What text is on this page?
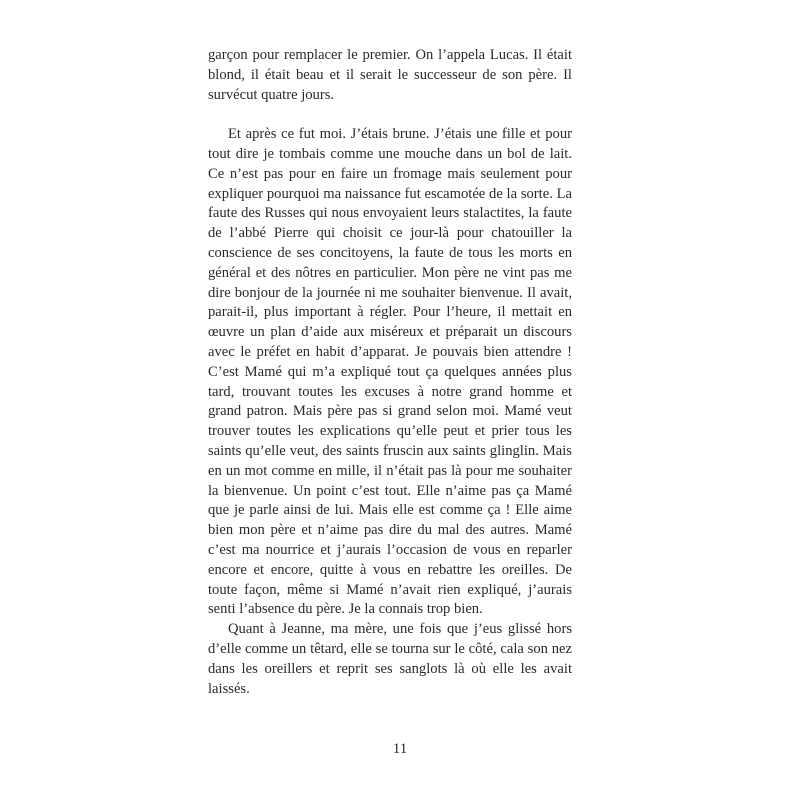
garçon pour remplacer le premier. On l’appela Lucas. Il était blond, il était beau et il serait le successeur de son père. Il survécut quatre jours.

Et après ce fut moi. J’étais brune. J’étais une fille et pour tout dire je tombais comme une mouche dans un bol de lait. Ce n’est pas pour en faire un fromage mais seulement pour expliquer pourquoi ma naissance fut escamotée de la sorte. La faute des Russes qui nous envoyaient leurs stalactites, la faute de l’abbé Pierre qui choisit ce jour-là pour chatouiller la conscience de ses concitoyens, la faute de tous les morts en général et des nôtres en particulier. Mon père ne vint pas me dire bonjour de la journée ni me souhaiter bienvenue. Il avait, parait-il, plus important à régler. Pour l’heure, il mettait en œuvre un plan d’aide aux miséreux et préparait un discours avec le préfet en habit d’apparat. Je pouvais bien attendre ! C’est Mamé qui m’a expliqué tout ça quelques années plus tard, trouvant toutes les excuses à notre grand homme et grand patron. Mais père pas si grand selon moi. Mamé veut trouver toutes les explications qu’elle peut et prier tous les saints qu’elle veut, des saints fruscin aux saints glinglin. Mais en un mot comme en mille, il n’était pas là pour me souhaiter la bienvenue. Un point c’est tout. Elle n’aime pas ça Mamé que je parle ainsi de lui. Mais elle est comme ça ! Elle aime bien mon père et n’aime pas dire du mal des autres. Mamé c’est ma nourrice et j’aurais l’occasion de vous en reparler encore et encore, quitte à vous en rebattre les oreilles. De toute façon, même si Mamé n’avait rien expliqué, j’aurais senti l’absence du père. Je la connais trop bien.

Quant à Jeanne, ma mère, une fois que j’eus glissé hors d’elle comme un têtard, elle se tourna sur le côté, cala son nez dans les oreillers et reprit ses sanglots là où elle les avait laissés.

11
